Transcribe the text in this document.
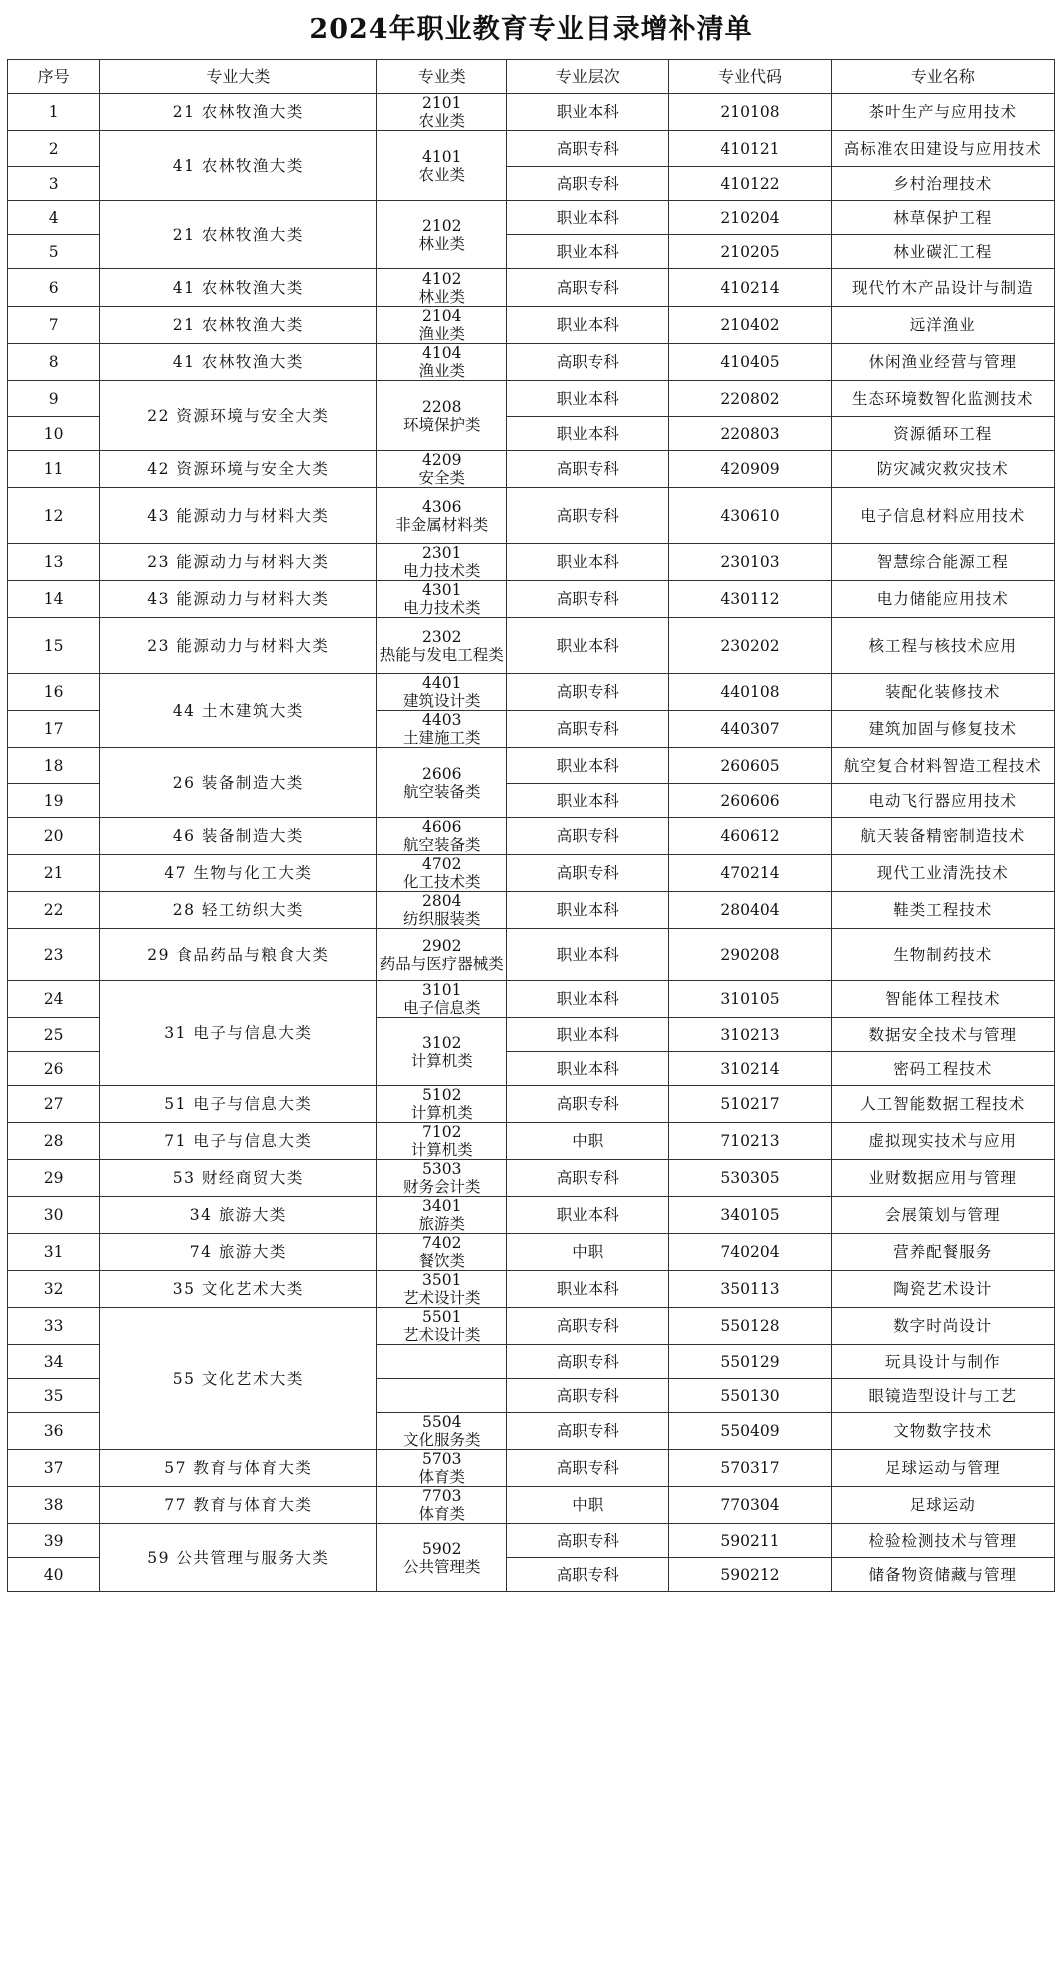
2024年职业教育专业目录增补清单
序号	专业大类	专业类	专业层次	专业代码	专业名称
1	21 农林牧渔大类	2101
农业类	职业本科	210108	茶叶生产与应用技术
2	41 农林牧渔大类	4101
农业类	高职专科	410121	高标准农田建设与应用技术
3			高职专科	410122	乡村治理技术
4	21 农林牧渔大类	2102
林业类	职业本科	210204	林草保护工程
5			职业本科	210205	林业碳汇工程
6	41 农林牧渔大类	4102
林业类	高职专科	410214	现代竹木产品设计与制造
7	21 农林牧渔大类	2104
渔业类	职业本科	210402	远洋渔业
8	41 农林牧渔大类	4104
渔业类	高职专科	410405	休闲渔业经营与管理
9	22 资源环境与安全大类	2208
环境保护类	职业本科	220802	生态环境数智化监测技术
10			职业本科	220803	资源循环工程
11	42 资源环境与安全大类	4209
安全类	高职专科	420909	防灾减灾救灾技术
12	43 能源动力与材料大类	4306
非金属材料类	高职专科	430610	电子信息材料应用技术
13	23 能源动力与材料大类	2301
电力技术类	职业本科	230103	智慧综合能源工程
14	43 能源动力与材料大类	4301
电力技术类	高职专科	430112	电力储能应用技术
15	23 能源动力与材料大类	2302
热能与发电工程类	职业本科	230202	核工程与核技术应用
16	44 土木建筑大类	4401
建筑设计类	高职专科	440108	装配化装修技术
17		4403
土建施工类	高职专科	440307	建筑加固与修复技术
18	26 装备制造大类	2606
航空装备类	职业本科	260605	航空复合材料智造工程技术
19			职业本科	260606	电动飞行器应用技术
20	46 装备制造大类	4606
航空装备类	高职专科	460612	航天装备精密制造技术
21	47 生物与化工大类	4702
化工技术类	高职专科	470214	现代工业清洗技术
22	28 轻工纺织大类	2804
纺织服装类	职业本科	280404	鞋类工程技术
23	29 食品药品与粮食大类	2902
药品与医疗器械类	职业本科	290208	生物制药技术
24	31 电子与信息大类	3101
电子信息类	职业本科	310105	智能体工程技术
25		3102
计算机类	职业本科	310213	数据安全技术与管理
26			职业本科	310214	密码工程技术
27	51 电子与信息大类	5102
计算机类	高职专科	510217	人工智能数据工程技术
28	71 电子与信息大类	7102
计算机类	中职	710213	虚拟现实技术与应用
29	53 财经商贸大类	5303
财务会计类	高职专科	530305	业财数据应用与管理
30	34 旅游大类	3401
旅游类	职业本科	340105	会展策划与管理
31	74 旅游大类	7402
餐饮类	中职	740204	营养配餐服务
32	35 文化艺术大类	3501
艺术设计类	职业本科	350113	陶瓷艺术设计
33	55 文化艺术大类	5501
艺术设计类	高职专科	550128	数字时尚设计
34			高职专科	550129	玩具设计与制作
35			高职专科	550130	眼镜造型设计与工艺
36		5504
文化服务类	高职专科	550409	文物数字技术
37	57 教育与体育大类	5703
体育类	高职专科	570317	足球运动与管理
38	77 教育与体育大类	7703
体育类	中职	770304	足球运动
39	59 公共管理与服务大类	5902
公共管理类	高职专科	590211	检验检测技术与管理
40			高职专科	590212	储备物资储藏与管理
